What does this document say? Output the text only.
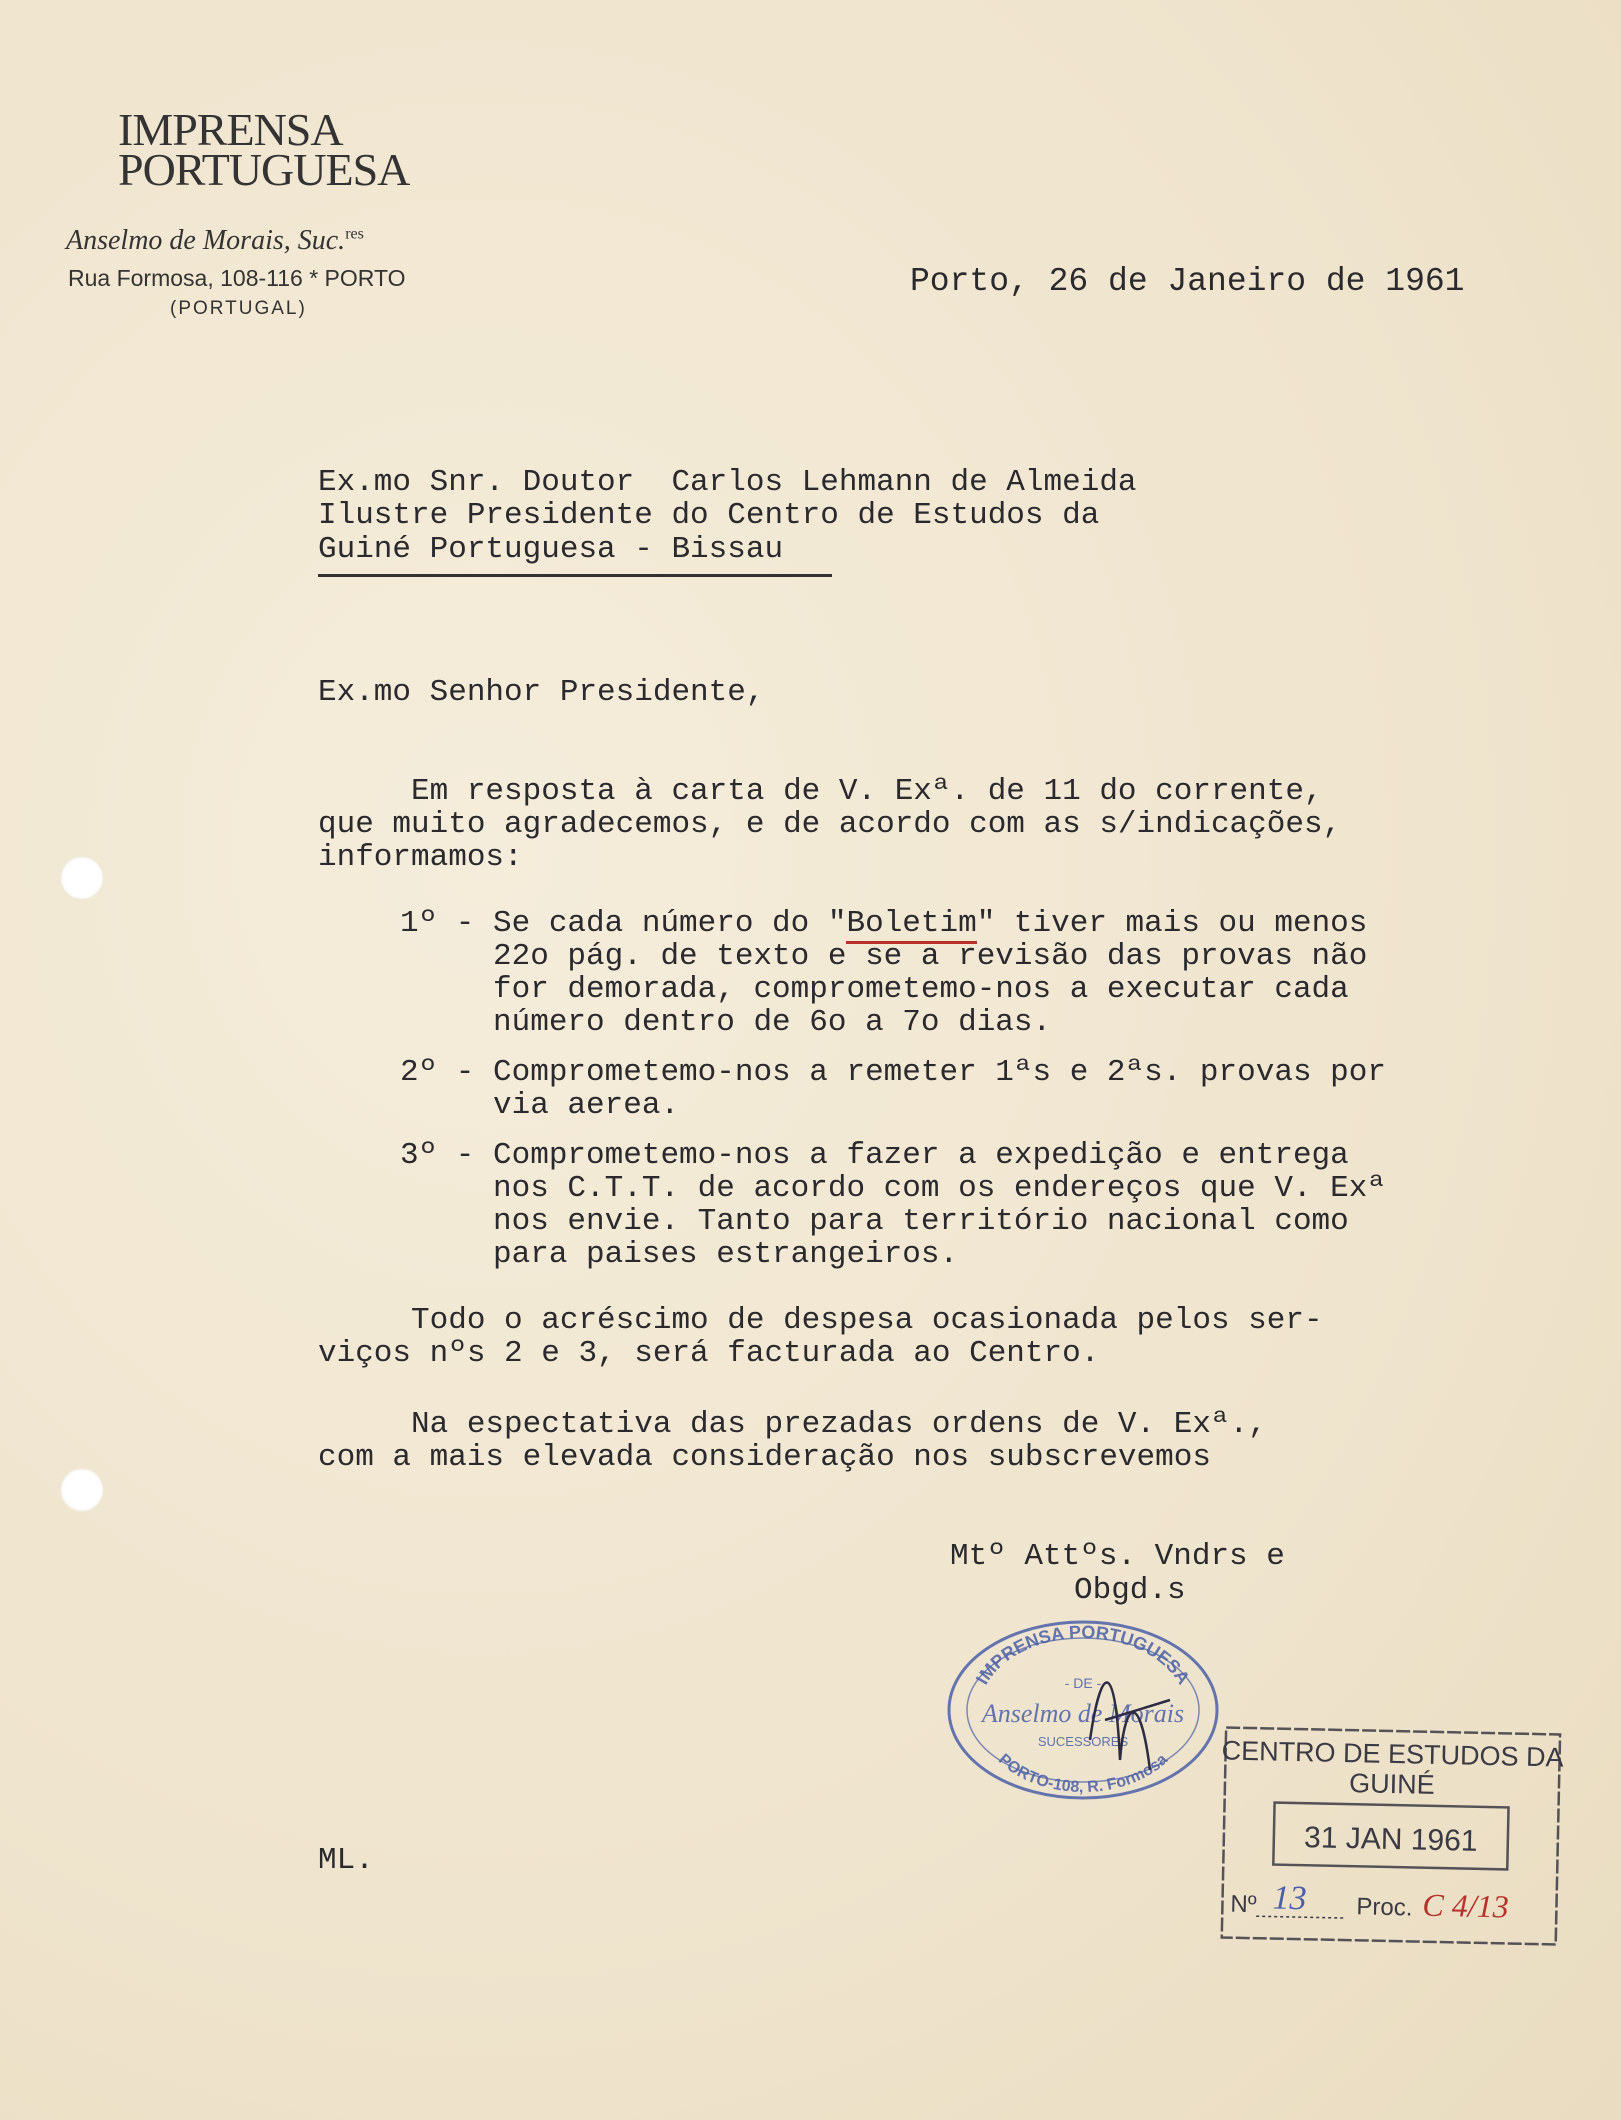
IMPRENSA
PORTUGUESA
Anselmo de Morais, Suc.$^{res}$
Rua Formosa, 108-116 * PORTO
(PORTUGAL)
Porto, 26 de Janeiro de 1961
Ex.mo Snr. Doutor  Carlos Lehmann de Almeida
Ilustre Presidente do Centro de Estudos da
Guiné Portuguesa - Bissau
Ex.mo Senhor Presidente,
Em resposta à carta de V. Exª. de 11 do corrente,
que muito agradecemos, e de acordo com as s/indicações,
informamos:
1º - Se cada número do "Boletim" tiver mais ou menos
22o pág. de texto e se a revisão das provas não
for demorada, comprometemo-nos a executar cada
número dentro de 6o a 7o dias.
2º - Comprometemo-nos a remeter 1ªs e 2ªs. provas por
via aerea.
3º - Comprometemo-nos a fazer a expedição e entrega
nos C.T.T. de acordo com os endereços que V. Exª
nos envie. Tanto para território nacional como
para paises estrangeiros.
Todo o acréscimo de despesa ocasionada pelos ser-
viços nºs 2 e 3, será facturada ao Centro.
Na espectativa das prezadas ordens de V. Exª.,
com a mais elevada consideração nos subscrevemos
Mtº Attºs. Vndrs e
Obgd.s
ML.
IMPRENSA PORTUGUESA
- DE -
Anselmo de Morais
SUCESSORES
PORTO-108, R. Formosa CENTRO DE ESTUDOS DA
GUINÉ
31 JAN 1961
Nº 13 Proc. C 4/13
